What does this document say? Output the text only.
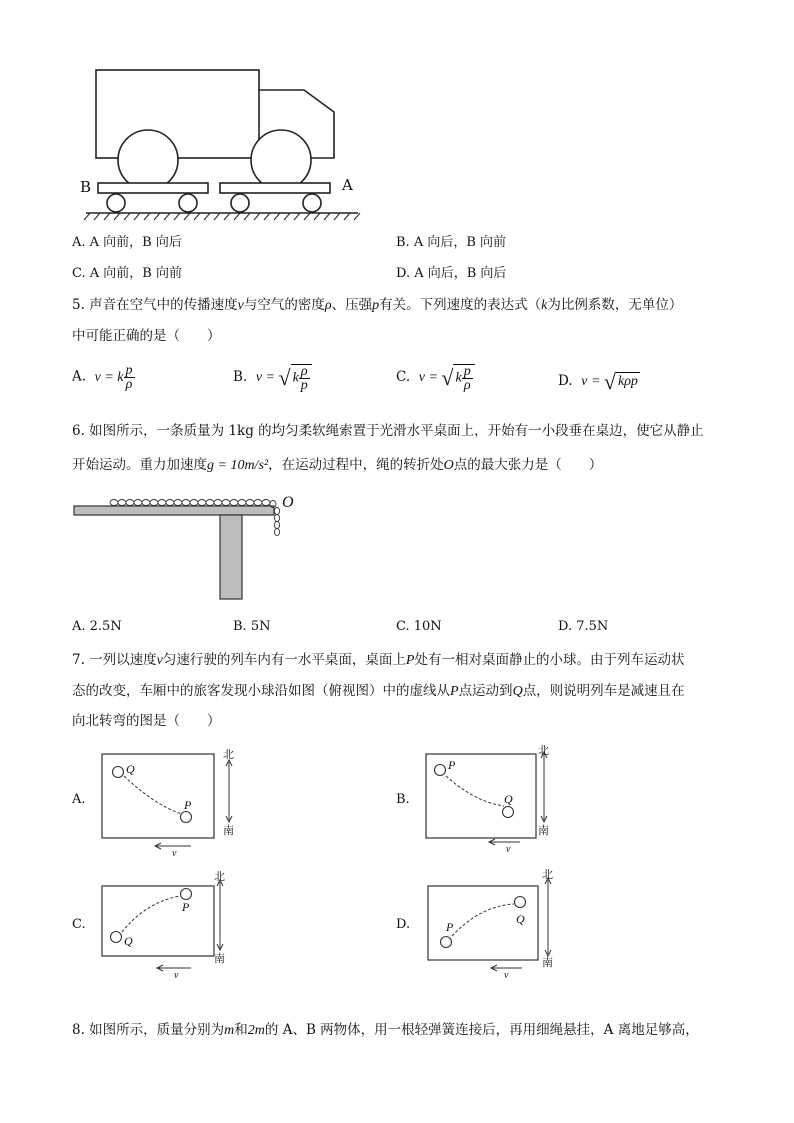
B	A
A. A 向前，B 向后	B. A 向后，B 向前
C. A 向前，B 向前	D. A 向后，B 向后
5. 声音在空气中的传播速度v与空气的密度ρ、压强p有关。下列速度的表达式（k为比例系数，无单位）
中可能正确的是（　　）
A. v = k $\frac{p}{\rho}$	B. v = √ k $\frac{\rho}{p}$	C. v = √ k $\frac{p}{\rho}$	D. v = √ kρp
6. 如图所示，一条质量为 1kg 的均匀柔软绳索置于光滑水平桌面上，开始有一小段垂在桌边，使它从静止
开始运动。重力加速度g = 10m/s²，在运动过程中，绳的转折处O点的最大张力是（　　）
O
A. 2.5N	B. 5N	C. 10N	D. 7.5N
7. 一列以速度v匀速行驶的列车内有一水平桌面，桌面上P处有一相对桌面静止的小球。由于列车运动状
态的改变，车厢中的旅客发现小球沿如图（俯视图）中的虚线从P点运动到Q点，则说明列车是减速且在
向北转弯的图是（　　）
A.	B.
C.	D.
Q
P
北
南
v
P
Q
北
南
v
Q
P
北
南
v
P
Q
北
南
v
8. 如图所示，质量分别为m和2m的 A、B 两物体，用一根轻弹簧连接后，再用细绳悬挂，A 离地足够高，
